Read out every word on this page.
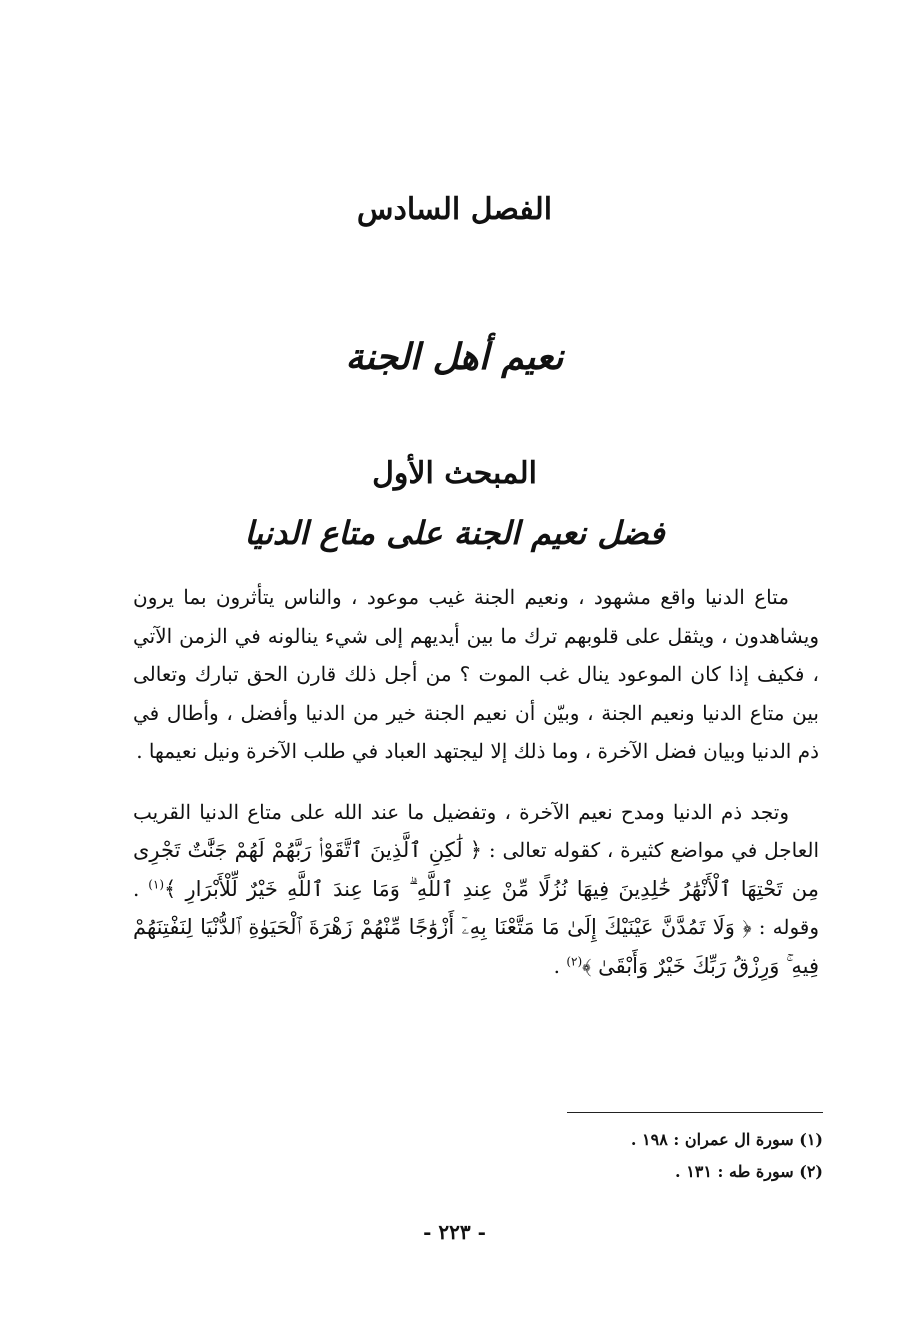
الفصل السادس
نعيم أهل الجنة
المبحث الأول
فضل نعيم الجنة على متاع الدنيا

متاع الدنيا واقع مشهود ، ونعيم الجنة غيب موعود ، والناس يتأثرون بما يرون ويشاهدون ، ويثقل على قلوبهم ترك ما بين أيديهم إلى شيء ينالونه في الزمن الآتي ، فكيف إذا كان الموعود ينال غب الموت ؟ من أجل ذلك قارن الحق تبارك وتعالى بين متاع الدنيا ونعيم الجنة ، وبيّن أن نعيم الجنة خير من الدنيا وأفضل ، وأطال في ذم الدنيا وبيان فضل الآخرة ، وما ذلك إلا ليجتهد العباد في طلب الآخرة ونيل نعيمها .

وتجد ذم الدنيا ومدح نعيم الآخرة ، وتفضيل ما عند الله على متاع الدنيا القريب العاجل في مواضع كثيرة ، كقوله تعالى : ﴿ لَٰكِنِ ٱلَّذِينَ ٱتَّقَوْا۟ رَبَّهُمْ لَهُمْ جَنَّٰتٌ تَجْرِى مِن تَحْتِهَا ٱلْأَنْهَٰرُ خَٰلِدِينَ فِيهَا نُزُلًا مِّنْ عِندِ ٱللَّهِ ۗ وَمَا عِندَ ٱللَّهِ خَيْرٌ لِّلْأَبْرَارِ ﴾$^{(١)}$ . وقوله : ﴿ وَلَا تَمُدَّنَّ عَيْنَيْكَ إِلَىٰ مَا مَتَّعْنَا بِهِۦٓ أَزْوَٰجًا مِّنْهُمْ زَهْرَةَ ٱلْحَيَوٰةِ ٱلدُّنْيَا لِنَفْتِنَهُمْ فِيهِ ۚ وَرِزْقُ رَبِّكَ خَيْرٌ وَأَبْقَىٰ ﴾$^{(٢)}$ .

(١) سورة ال عمران : ١٩٨ .

(٢) سورة طه : ١٣١ .

- ٢٢٣ -
